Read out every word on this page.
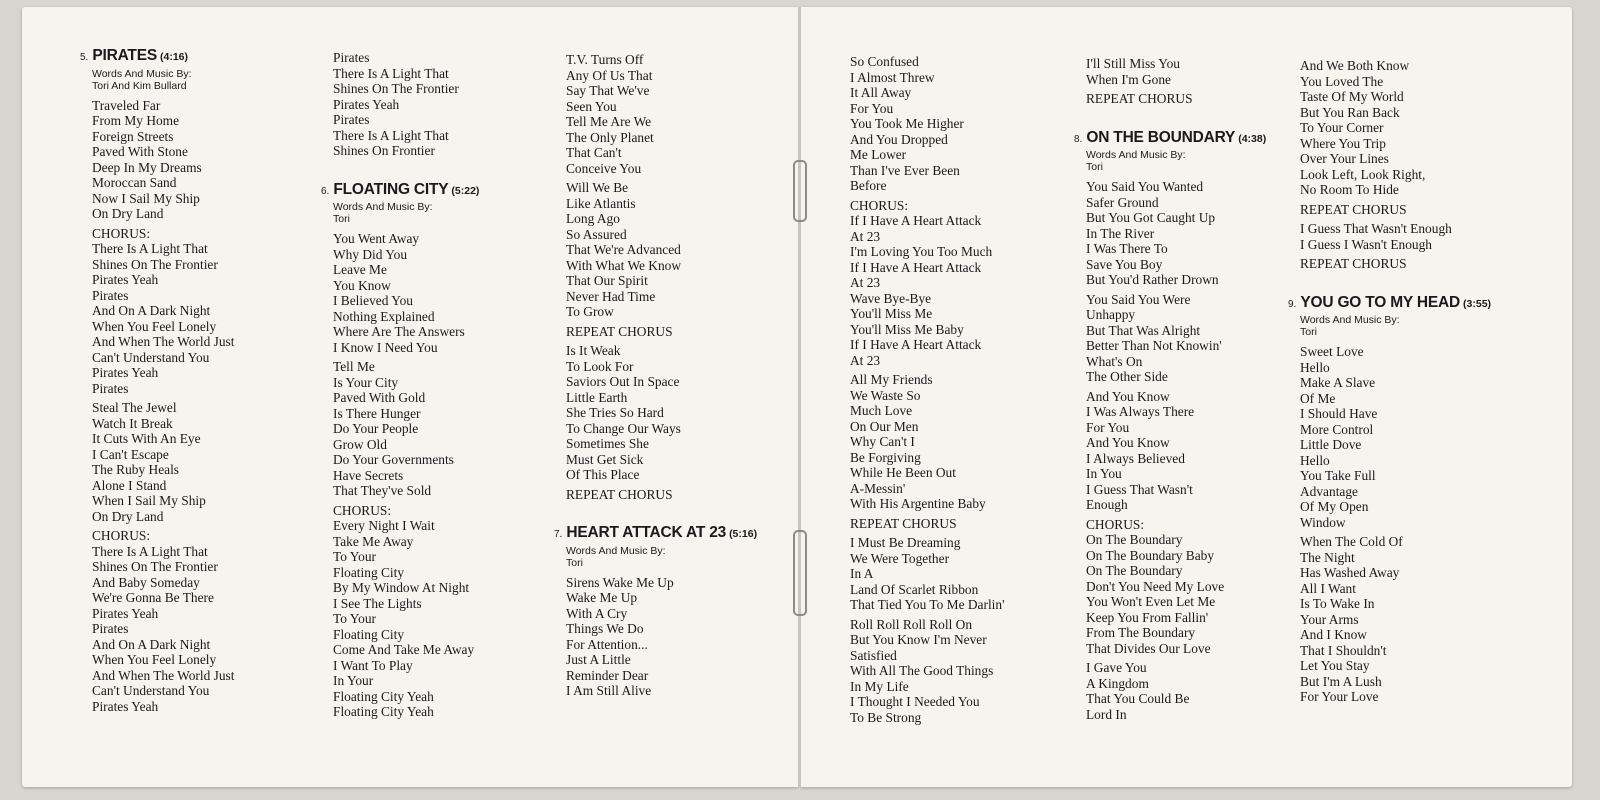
5. PIRATES (4:16)
Words And Music By:
Tori And Kim Bullard
Traveled Far
From My Home
Foreign Streets
Paved With Stone
Deep In My Dreams
Moroccan Sand
Now I Sail My Ship
On Dry Land
CHORUS:
There Is A Light That
Shines On The Frontier
Pirates Yeah
Pirates
And On A Dark Night
When You Feel Lonely
And When The World Just
Can't Understand You
Pirates Yeah
Pirates
Steal The Jewel
Watch It Break
It Cuts With An Eye
I Can't Escape
The Ruby Heals
Alone I Stand
When I Sail My Ship
On Dry Land
CHORUS:
There Is A Light That
Shines On The Frontier
And Baby Someday
We're Gonna Be There
Pirates Yeah
Pirates
And On A Dark Night
When You Feel Lonely
And When The World Just
Can't Understand You
Pirates Yeah
Pirates
There Is A Light That
Shines On The Frontier
Pirates Yeah
Pirates
There Is A Light That
Shines On Frontier
6. FLOATING CITY (5:22)
Words And Music By:
Tori
You Went Away
Why Did You
Leave Me
You Know
I Believed You
Nothing Explained
Where Are The Answers
I Know I Need You
Tell Me
Is Your City
Paved With Gold
Is There Hunger
Do Your People
Grow Old
Do Your Governments
Have Secrets
That They've Sold
CHORUS:
Every Night I Wait
Take Me Away
To Your
Floating City
By My Window At Night
I See The Lights
To Your
Floating City
Come And Take Me Away
I Want To Play
In Your
Floating City Yeah
Floating City Yeah
T.V. Turns Off
Any Of Us That
Say That We've
Seen You
Tell Me Are We
The Only Planet
That Can't
Conceive You
Will We Be
Like Atlantis
Long Ago
So Assured
That We're Advanced
With What We Know
That Our Spirit
Never Had Time
To Grow
REPEAT CHORUS
Is It Weak
To Look For
Saviors Out In Space
Little Earth
She Tries So Hard
To Change Our Ways
Sometimes She
Must Get Sick
Of This Place
REPEAT CHORUS
7. HEART ATTACK AT 23 (5:16)
Words And Music By:
Tori
Sirens Wake Me Up
Wake Me Up
With A Cry
Things We Do
For Attention...
Just A Little
Reminder Dear
I Am Still Alive
So Confused
I Almost Threw
It All Away
For You
You Took Me Higher
And You Dropped
Me Lower
Than I've Ever Been
Before
CHORUS:
If I Have A Heart Attack
At 23
I'm Loving You Too Much
If I Have A Heart Attack
At 23
Wave Bye-Bye
You'll Miss Me
You'll Miss Me Baby
If I Have A Heart Attack
At 23
All My Friends
We Waste So
Much Love
On Our Men
Why Can't I
Be Forgiving
While He Been Out
A-Messin'
With His Argentine Baby
REPEAT CHORUS
I Must Be Dreaming
We Were Together
In A
Land Of Scarlet Ribbon
That Tied You To Me Darlin'
Roll Roll Roll Roll On
But You Know I'm Never
Satisfied
With All The Good Things
In My Life
I Thought I Needed You
To Be Strong
I'll Still Miss You
When I'm Gone
REPEAT CHORUS
8. ON THE BOUNDARY (4:38)
Words And Music By:
Tori
You Said You Wanted
Safer Ground
But You Got Caught Up
In The River
I Was There To
Save You Boy
But You'd Rather Drown
You Said You Were
Unhappy
But That Was Alright
Better Than Not Knowin'
What's On
The Other Side
And You Know
I Was Always There
For You
And You Know
I Always Believed
In You
I Guess That Wasn't
Enough
CHORUS:
On The Boundary
On The Boundary Baby
On The Boundary
Don't You Need My Love
You Won't Even Let Me
Keep You From Fallin'
From The Boundary
That Divides Our Love
I Gave You
A Kingdom
That You Could Be
Lord In
And We Both Know
You Loved The
Taste Of My World
But You Ran Back
To Your Corner
Where You Trip
Over Your Lines
Look Left, Look Right,
No Room To Hide
REPEAT CHORUS
I Guess That Wasn't Enough
I Guess I Wasn't Enough
REPEAT CHORUS
9. YOU GO TO MY HEAD (3:55)
Words And Music By:
Tori
Sweet Love
Hello
Make A Slave
Of Me
I Should Have
More Control
Little Dove
Hello
You Take Full
Advantage
Of My Open
Window
When The Cold Of
The Night
Has Washed Away
All I Want
Is To Wake In
Your Arms
And I Know
That I Shouldn't
Let You Stay
But I'm A Lush
For Your Love
